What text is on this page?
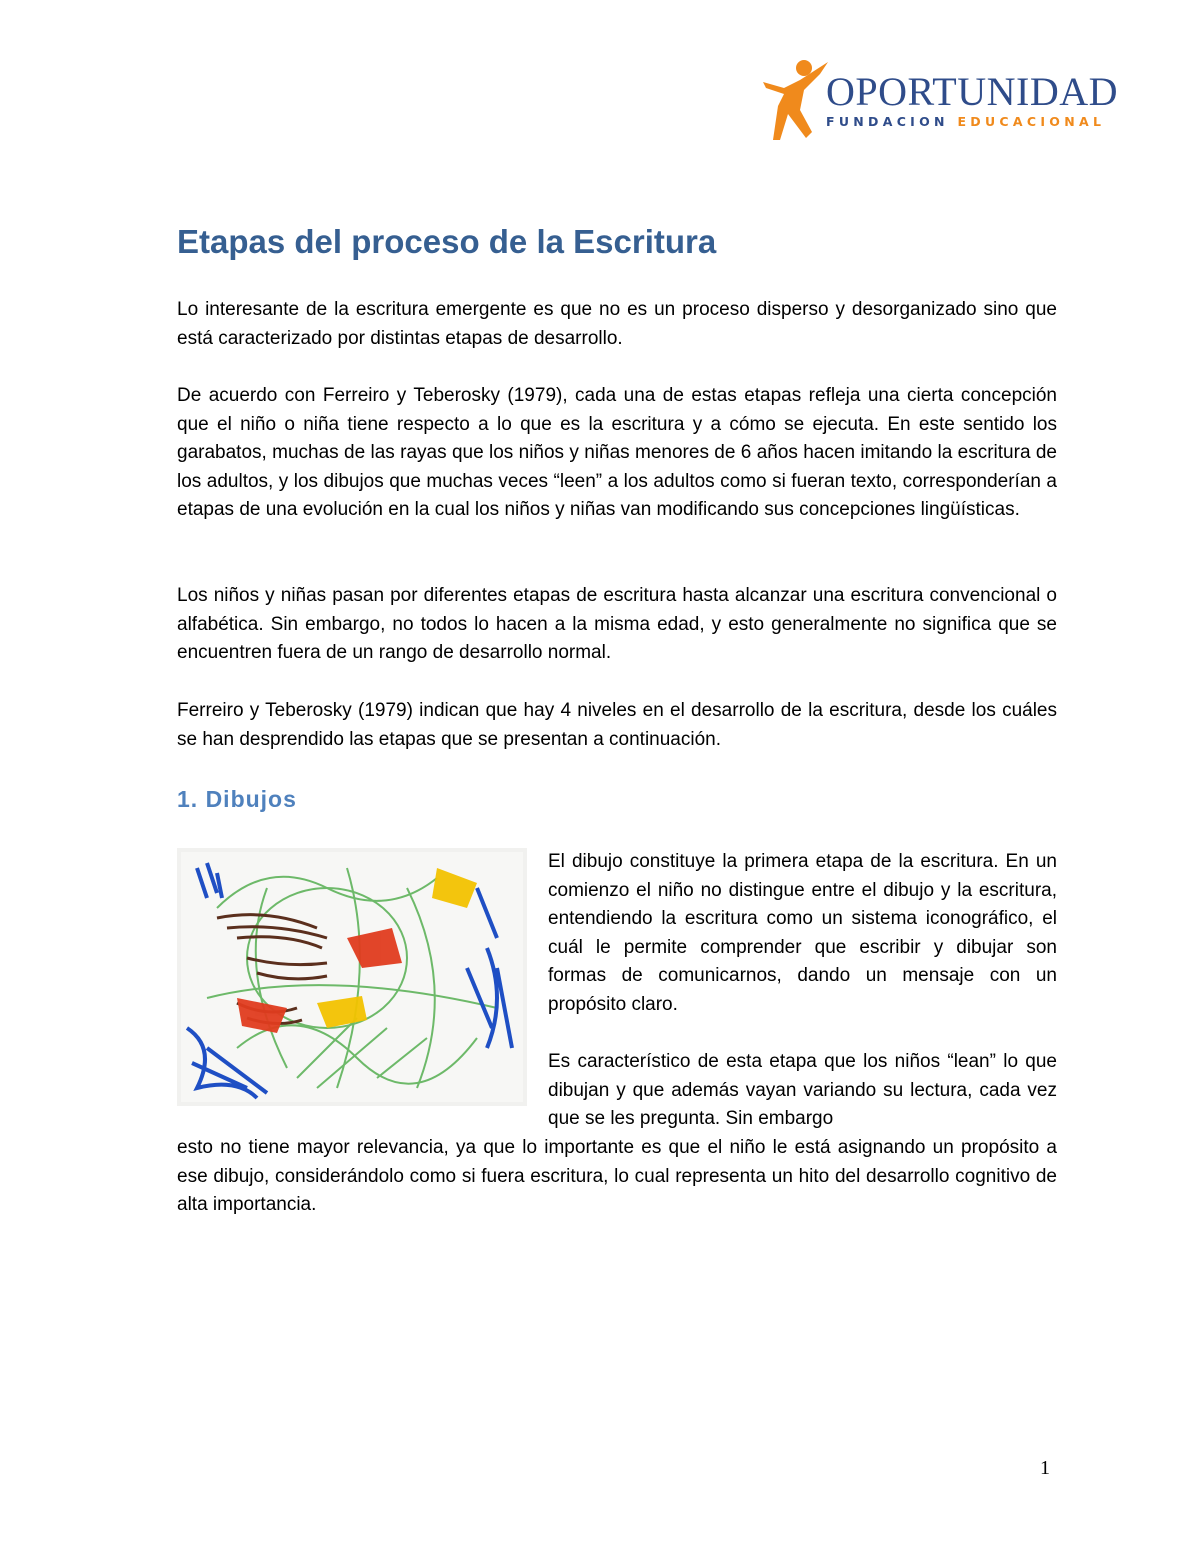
OPORTUNIDAD
FUNDACION EDUCACIONAL
Etapas del proceso de la Escritura

Lo interesante de la escritura emergente es que no es un proceso disperso y desorganizado sino que está caracterizado por distintas etapas de desarrollo.

De acuerdo con Ferreiro y Teberosky (1979), cada una de estas etapas refleja una cierta concepción que el niño o niña tiene respecto a lo que es la escritura y a cómo se ejecuta. En este sentido los garabatos, muchas de las rayas que los niños y niñas menores de 6 años hacen imitando la escritura de los adultos, y los dibujos que muchas veces “leen” a los adultos como si fueran texto, corresponderían a etapas de una evolución en la cual los niños y niñas van modificando sus concepciones lingüísticas.

Los niños y niñas pasan por diferentes etapas de escritura hasta alcanzar una escritura convencional o alfabética. Sin embargo, no todos lo hacen a la misma edad, y esto generalmente no significa que se encuentren fuera de un rango de desarrollo normal.

Ferreiro y Teberosky (1979) indican que hay 4 niveles en el desarrollo de la escritura, desde los cuáles se han desprendido las etapas que se presentan a continuación.

1. Dibujos

El dibujo constituye la primera etapa de la escritura. En un comienzo el niño no distingue entre el dibujo y la escritura, entendiendo la escritura como un sistema iconográfico, el cuál le permite comprender que escribir y dibujar son formas de comunicarnos, dando un mensaje con un propósito claro.

Es característico de esta etapa que los niños “lean” lo que dibujan y que además vayan variando su lectura, cada vez que se les pregunta. Sin embargo

esto no tiene mayor relevancia, ya que lo importante es que el niño le está asignando un propósito a ese dibujo, considerándolo como si fuera escritura, lo cual representa un hito del desarrollo cognitivo de alta importancia.

1
